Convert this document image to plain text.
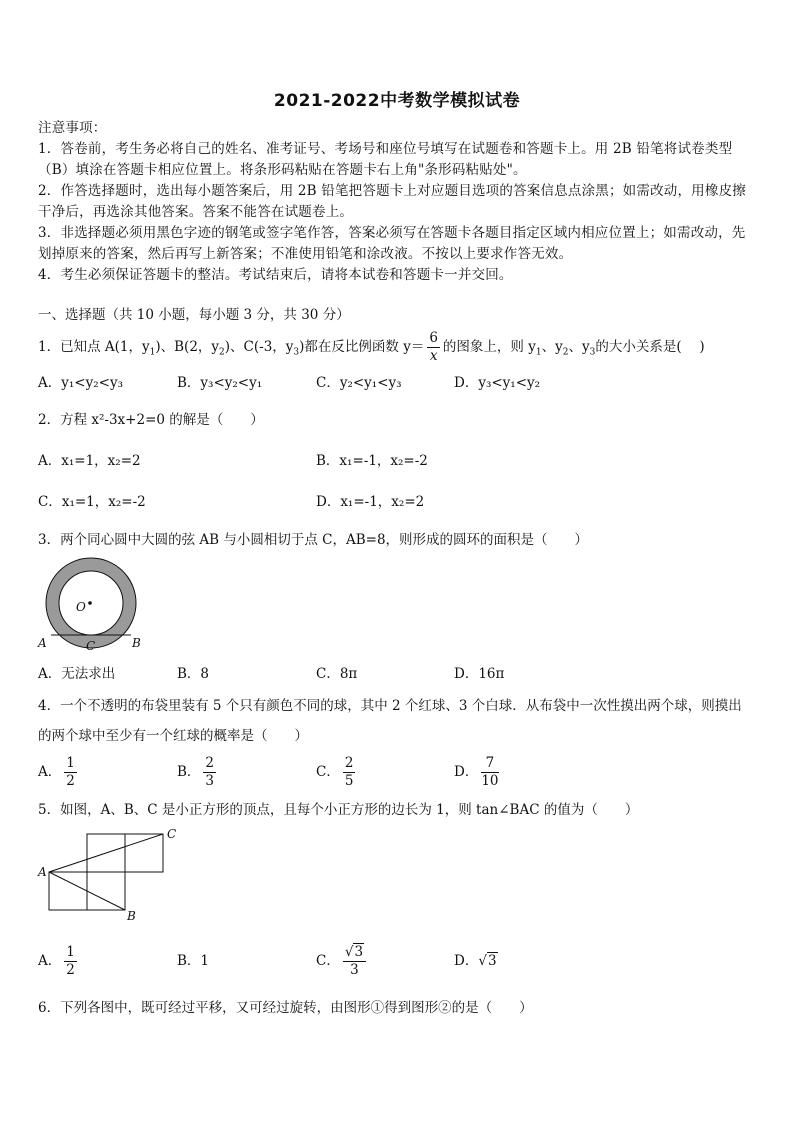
2021-2022中考数学模拟试卷
注意事项：
1．答卷前，考生务必将自己的姓名、准考证号、考场号和座位号填写在试题卷和答题卡上。用 2B 铅笔将试卷类型
（B）填涂在答题卡相应位置上。将条形码粘贴在答题卡右上角"条形码粘贴处"。
2．作答选择题时，选出每小题答案后，用 2B 铅笔把答题卡上对应题目选项的答案信息点涂黑；如需改动，用橡皮擦
干净后，再选涂其他答案。答案不能答在试题卷上。
3．非选择题必须用黑色字迹的钢笔或签字笔作答，答案必须写在答题卡各题目指定区域内相应位置上；如需改动，先
划掉原来的答案，然后再写上新答案；不准使用铅笔和涂改液。不按以上要求作答无效。
4．考生必须保证答题卡的整洁。考试结束后，请将本试卷和答题卡一并交回。
一、选择题（共 10 小题，每小题 3 分，共 30 分）
1．已知点 A(1，$y_1$)、B(2，$y_2$)、C(-3，$y_3$)都在反比例函数 $y= \frac{6}{x}$ 的图象上，则 $y_1$、$y_2$、$y_3$的大小关系是(　 )
A．y₁<y₂<y₃	B．y₃<y₂<y₁	C．y₂<y₁<y₃	D．y₃<y₁<y₂
2．方程 x²-3x+2=0 的解是（　　）
A．x₁=1，x₂=2	B．x₁=-1，x₂=-2
C．x₁=1，x₂=-2	D．x₁=-1，x₂=2
3．两个同心圆中大圆的弦 AB 与小圆相切于点 C，AB=8，则形成的圆环的面积是（　　）
O
A	C	B
A．无法求出	B．8	C．8π	D．16π
4．一个不透明的布袋里装有 5 个只有颜色不同的球，其中 2 个红球、3 个白球．从布袋中一次性摸出两个球，则摸出
的两个球中至少有一个红球的概率是（　　）
A． $\frac{1}{2}$	B． $\frac{2}{3}$	C． $\frac{2}{5}$	D． $\frac{7}{10}$
5．如图，A、B、C 是小正方形的顶点，且每个小正方形的边长为 1，则 tan∠BAC 的值为（　　）
A
B
C
A． $\frac{1}{2}$	B．1	C． $\frac{√3}{3}$	D．√3
6．下列各图中，既可经过平移，又可经过旋转，由图形①得到图形②的是（　　）
